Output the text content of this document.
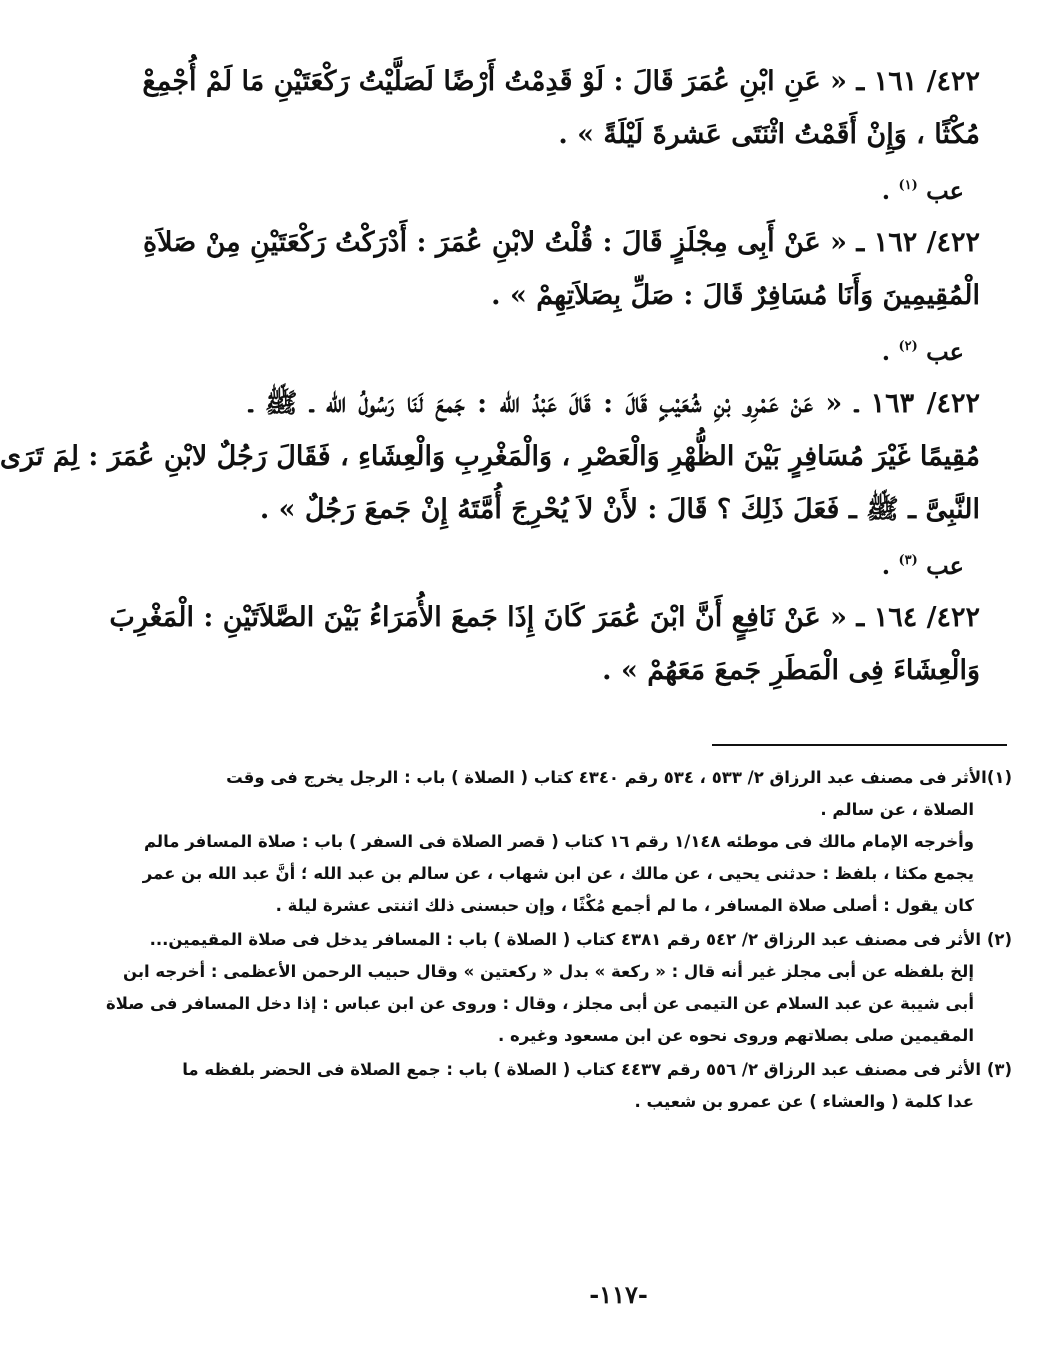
٤٢٢/ ١٦١ ـ « عَنِ ابْنِ عُمَرَ قَالَ : لَوْ قَدِمْتُ أَرْضًا لَصَلَّيْتُ رَكْعَتَيْنِ مَا لَمْ أُجْمِعْ
مُكْثًا ، وَإِنْ أَقَمْتُ اثْنَتَى عَشرةَ لَيْلَةً » .
عب $^{(١)}$ .
٤٢٢/ ١٦٢ ـ « عَنْ أَبِى مِجْلَزٍ قَالَ : قُلْتُ لابْنِ عُمَرَ : أَدْرَكْتُ رَكْعَتَيْنِ مِنْ صَلاَةِ
الْمُقِيمِينَ وَأَنَا مُسَافِرٌ قَالَ : صَلِّ بِصَلاَتِهِمْ » .
عب $^{(٢)}$ .
٤٢٢/ ١٦٣ ـ « عَنْ عَمْرِو بْنِ شُعَيْبٍ قَالَ : قَالَ عَبْدُ الله : جَمعَ لَنَا رَسُولُ الله ـ ﷺ ـ
مُقِيمًا غَيْرَ مُسَافِرٍ بَيْنَ الظُّهْرِ وَالْعَصْرِ ، وَالْمَغْرِبِ وَالْعِشَاءِ ، فَقَالَ رَجُلٌ لابْنِ عُمَرَ : لِمَ تَرَى
النَّبِىَّ ـ ﷺ ـ فَعَلَ ذَلِكَ ؟ قَالَ : لأَنْ لاَ يُحْرِجَ أُمَّتَهُ إِنْ جَمعَ رَجُلٌ » .
عب $^{(٣)}$ .
٤٢٢/ ١٦٤ ـ « عَنْ نَافِعٍ أَنَّ ابْنَ عُمَرَ كَانَ إِذَا جَمعَ الأُمَرَاءُ بَيْنَ الصَّلاَتَيْنِ : الْمَغْرِبَ
وَالْعِشَاءَ فِى الْمَطَرِ جَمعَ مَعَهُمْ » .
(١)الأثر فى مصنف عبد الرزاق ٢/ ٥٣٣ ، ٥٣٤ رقم ٤٣٤٠ كتاب ( الصلاة ) باب : الرجل يخرج فى وقت
الصلاة ، عن سالم .
وأخرجه الإمام مالك فى موطئه ١/١٤٨ رقم ١٦ كتاب ( قصر الصلاة فى السفر ) باب : صلاة المسافر مالم
يجمع مكثا ، بلفظ : حدثنى يحيى ، عن مالك ، عن ابن شهاب ، عن سالم بن عبد الله ؛ أنَّ عبد الله بن عمر
كان يقول : أصلى صلاة المسافر ، ما لم أجمع مُكْثًا ، وإن حبسنى ذلك اثنتى عشرة ليلة .
(٢) الأثر فى مصنف عبد الرزاق ٢/ ٥٤٢ رقم ٤٣٨١ كتاب ( الصلاة ) باب : المسافر يدخل فى صلاة المقيمين...
إلخ بلفظه عن أبى مجلز غير أنه قال : « ركعة » بدل « ركعتين » وقال حبيب الرحمن الأعظمى : أخرجه ابن
أبى شيبة عن عبد السلام عن التيمى عن أبى مجلز ، وقال : وروى عن ابن عباس : إذا دخل المسافر فى صلاة
المقيمين صلى بصلاتهم وروى نحوه عن ابن مسعود وغيره .
(٣) الأثر فى مصنف عبد الرزاق ٢/ ٥٥٦ رقم ٤٤٣٧ كتاب ( الصلاة ) باب : جمع الصلاة فى الحضر بلفظه ما
عدا كلمة ( والعشاء ) عن عمرو بن شعيب .
-١١٧-
